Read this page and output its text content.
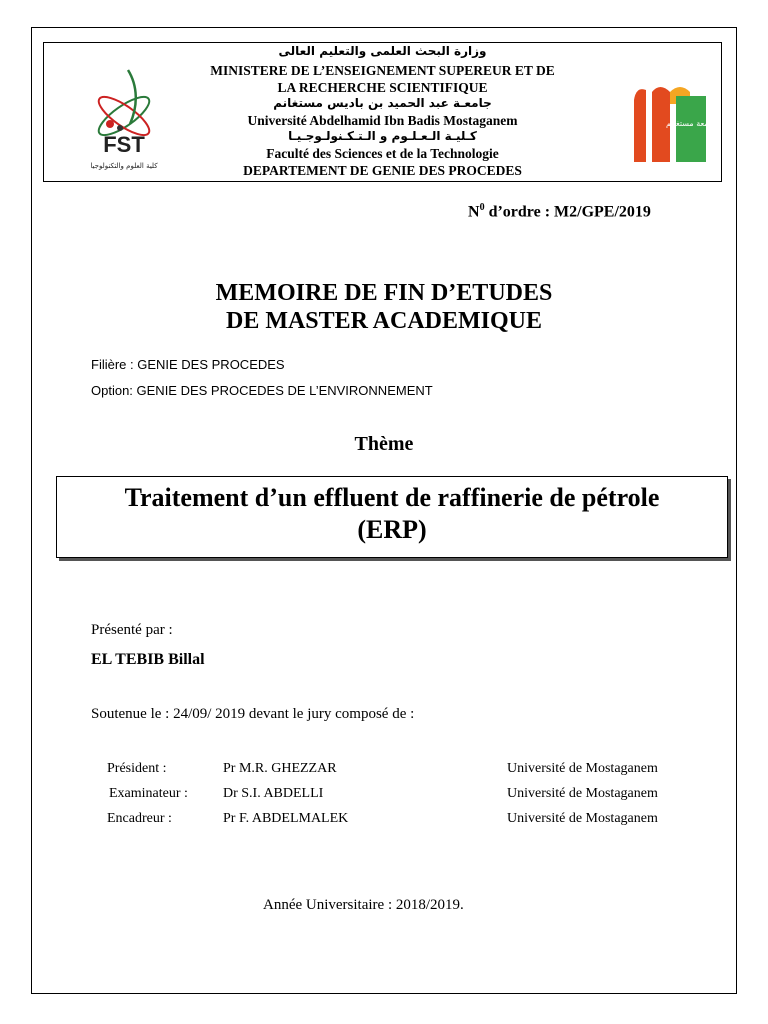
وزارة البحث العلمى والتعليم العالى
MINISTERE DE L’ENSEIGNEMENT SUPEREUR ET DE
LA RECHERCHE SCIENTIFIQUE
جامعـة عبد الحميد بن باديس مستغانم
Université Abdelhamid Ibn Badis Mostaganem
كـليـة الـعـلـوم و الـتـكـنولـوجـيـا
Faculté des Sciences et de la Technologie
DEPARTEMENT DE GENIE DES PROCEDES
FST
كلية العلوم والتكنولوجيا
جامعة مستغانم
$N^0$ d’ordre : M2/GPE/2019
MEMOIRE DE FIN D’ETUDES
DE MASTER ACADEMIQUE
Filière : GENIE DES PROCEDES
Option: GENIE DES PROCEDES DE L’ENVIRONNEMENT
Thème
Traitement d’un effluent de raffinerie de pétrole
(ERP)
Présenté par :
EL TEBIB Billal
Soutenue le : 24/09/ 2019 devant le jury composé de :
Président :	Pr M.R. GHEZZAR	Université de Mostaganem
Examinateur :	Dr S.I. ABDELLI	Université de Mostaganem
Encadreur :	Pr F. ABDELMALEK	Université de Mostaganem
Année Universitaire : 2018/2019.
